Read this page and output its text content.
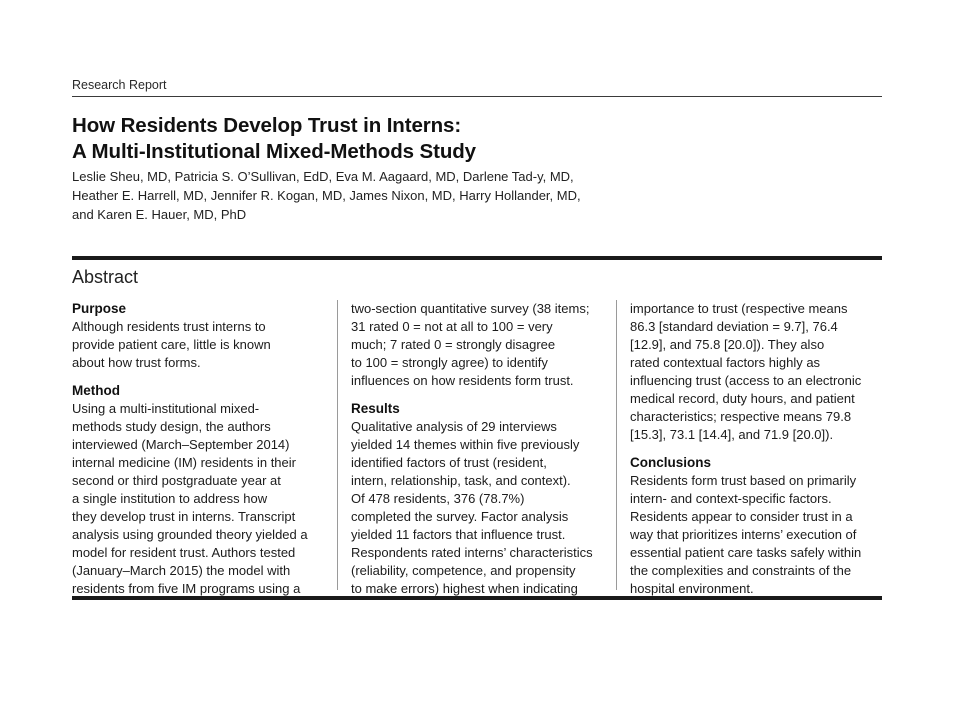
Research Report
How Residents Develop Trust in Interns:
A Multi-Institutional Mixed-Methods Study
Leslie Sheu, MD, Patricia S. O’Sullivan, EdD, Eva M. Aagaard, MD, Darlene Tad-y, MD,
Heather E. Harrell, MD, Jennifer R. Kogan, MD, James Nixon, MD, Harry Hollander, MD,
and Karen E. Hauer, MD, PhD
Abstract
Purpose
Although residents trust interns to
provide patient care, little is known
about how trust forms.
Method
Using a multi-institutional mixed-
methods study design, the authors
interviewed (March–September 2014)
internal medicine (IM) residents in their
second or third postgraduate year at
a single institution to address how
they develop trust in interns. Transcript
analysis using grounded theory yielded a
model for resident trust. Authors tested
(January–March 2015) the model with
residents from five IM programs using a
two-section quantitative survey (38 items;
31 rated 0 = not at all to 100 = very
much; 7 rated 0 = strongly disagree
to 100 = strongly agree) to identify
influences on how residents form trust.
Results
Qualitative analysis of 29 interviews
yielded 14 themes within five previously
identified factors of trust (resident,
intern, relationship, task, and context).
Of 478 residents, 376 (78.7%)
completed the survey. Factor analysis
yielded 11 factors that influence trust.
Respondents rated interns’ characteristics
(reliability, competence, and propensity
to make errors) highest when indicating
importance to trust (respective means
86.3 [standard deviation = 9.7], 76.4
[12.9], and 75.8 [20.0]). They also
rated contextual factors highly as
influencing trust (access to an electronic
medical record, duty hours, and patient
characteristics; respective means 79.8
[15.3], 73.1 [14.4], and 71.9 [20.0]).
Conclusions
Residents form trust based on primarily
intern- and context-specific factors.
Residents appear to consider trust in a
way that prioritizes interns’ execution of
essential patient care tasks safely within
the complexities and constraints of the
hospital environment.
